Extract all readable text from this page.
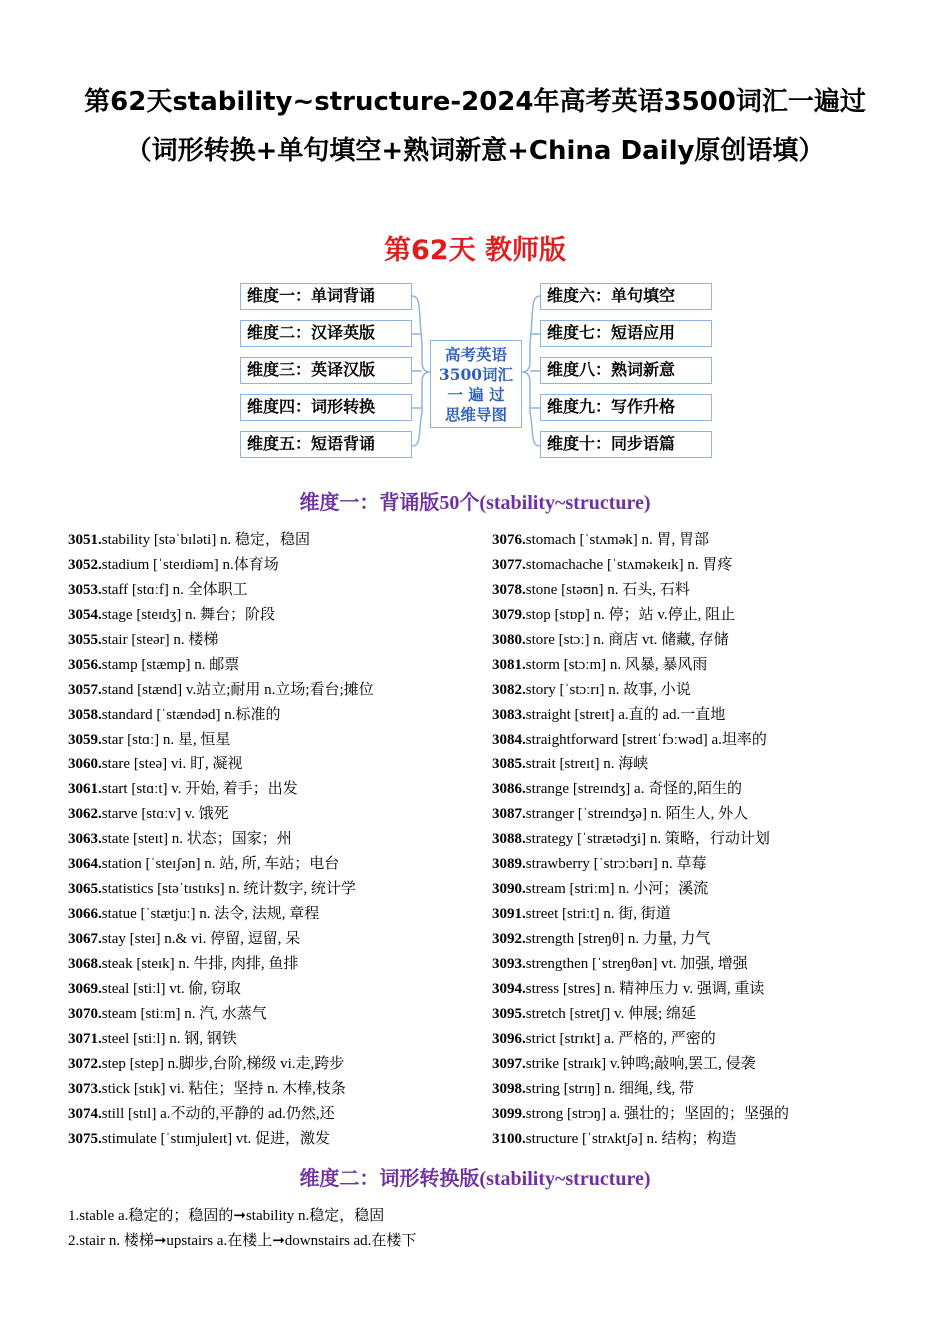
第62天stability~structure-2024年高考英语3500词汇一遍过（词形转换+单句填空+熟词新意+China Daily原创语填）
第62天 教师版
维度一：单词背诵
维度二：汉译英版
维度三：英译汉版
维度四：词形转换
维度五：短语背诵
高考英语
3500词汇
一 遍 过
思维导图
维度六：单句填空
维度七：短语应用
维度八：熟词新意
维度九：写作升格
维度十：同步语篇
维度一：背诵版50个(stability~structure)
3051.stability [stəˈbɪləti] n. 稳定，稳固
3052.stadium [ˈsteɪdiəm] n.体育场
3053.staff [stɑːf] n. 全体职工
3054.stage [steɪdʒ] n. 舞台；阶段
3055.stair [steər] n. 楼梯
3056.stamp [stæmp] n. 邮票
3057.stand [stænd] v.站立;耐用 n.立场;看台;摊位
3058.standard [ˈstændəd] n.标准的
3059.star [stɑː] n. 星, 恒星
3060.stare [steə] vi. 盯, 凝视
3061.start [stɑːt] v. 开始, 着手；出发
3062.starve [stɑːv] v. 饿死
3063.state [steɪt] n. 状态；国家；州
3064.station [ˈsteɪʃən] n. 站, 所, 车站；电台
3065.statistics [stəˈtɪstɪks] n. 统计数字, 统计学
3066.statue [ˈstætjuː] n. 法令, 法规, 章程
3067.stay [steɪ] n.& vi. 停留, 逗留, 呆
3068.steak [steɪk] n. 牛排, 肉排, 鱼排
3069.steal [stiːl] vt. 偷, 窃取
3070.steam [stiːm] n. 汽, 水蒸气
3071.steel [stiːl] n. 钢, 钢铁
3072.step [step] n.脚步,台阶,梯级 vi.走,跨步
3073.stick [stɪk] vi. 粘住；坚持 n. 木棒,枝条
3074.still [stɪl] a.不动的,平静的 ad.仍然,还
3075.stimulate [ˈstɪmjuleɪt] vt. 促进，激发
3076.stomach [ˈstʌmək] n. 胃, 胃部
3077.stomachache [ˈstʌməkeɪk] n. 胃疼
3078.stone [stəʊn] n. 石头, 石料
3079.stop [stɒp] n. 停；站 v.停止, 阻止
3080.store [stɔː] n. 商店 vt. 储藏, 存储
3081.storm [stɔːm] n. 风暴, 暴风雨
3082.story [ˈstɔːrɪ] n. 故事, 小说
3083.straight [streɪt] a.直的 ad.一直地
3084.straightforward [streɪtˈfɔːwəd] a.坦率的
3085.strait [streɪt] n. 海峡
3086.strange [streɪndʒ] a. 奇怪的,陌生的
3087.stranger [ˈstreɪndʒə] n. 陌生人, 外人
3088.strategy [ˈstrætədʒi] n. 策略，行动计划
3089.strawberry [ˈstrɔːbərɪ] n. 草莓
3090.stream [striːm] n. 小河；溪流
3091.street [striːt] n. 街, 街道
3092.strength [streŋθ] n. 力量, 力气
3093.strengthen [ˈstreŋθən] vt. 加强, 增强
3094.stress [stres] n. 精神压力 v. 强调, 重读
3095.stretch [stretʃ] v. 伸展; 绵延
3096.strict [strɪkt] a. 严格的, 严密的
3097.strike [straɪk] v.钟鸣;敲响,罢工, 侵袭
3098.string [strɪŋ] n. 细绳, 线, 带
3099.strong [strɔŋ] a. 强壮的；坚固的；坚强的
3100.structure [ˈstrʌktʃə] n. 结构；构造
维度二：词形转换版(stability~structure)
1.stable a.稳定的；稳固的➞stability n.稳定，稳固
2.stair n. 楼梯➞upstairs a.在楼上➞downstairs ad.在楼下
